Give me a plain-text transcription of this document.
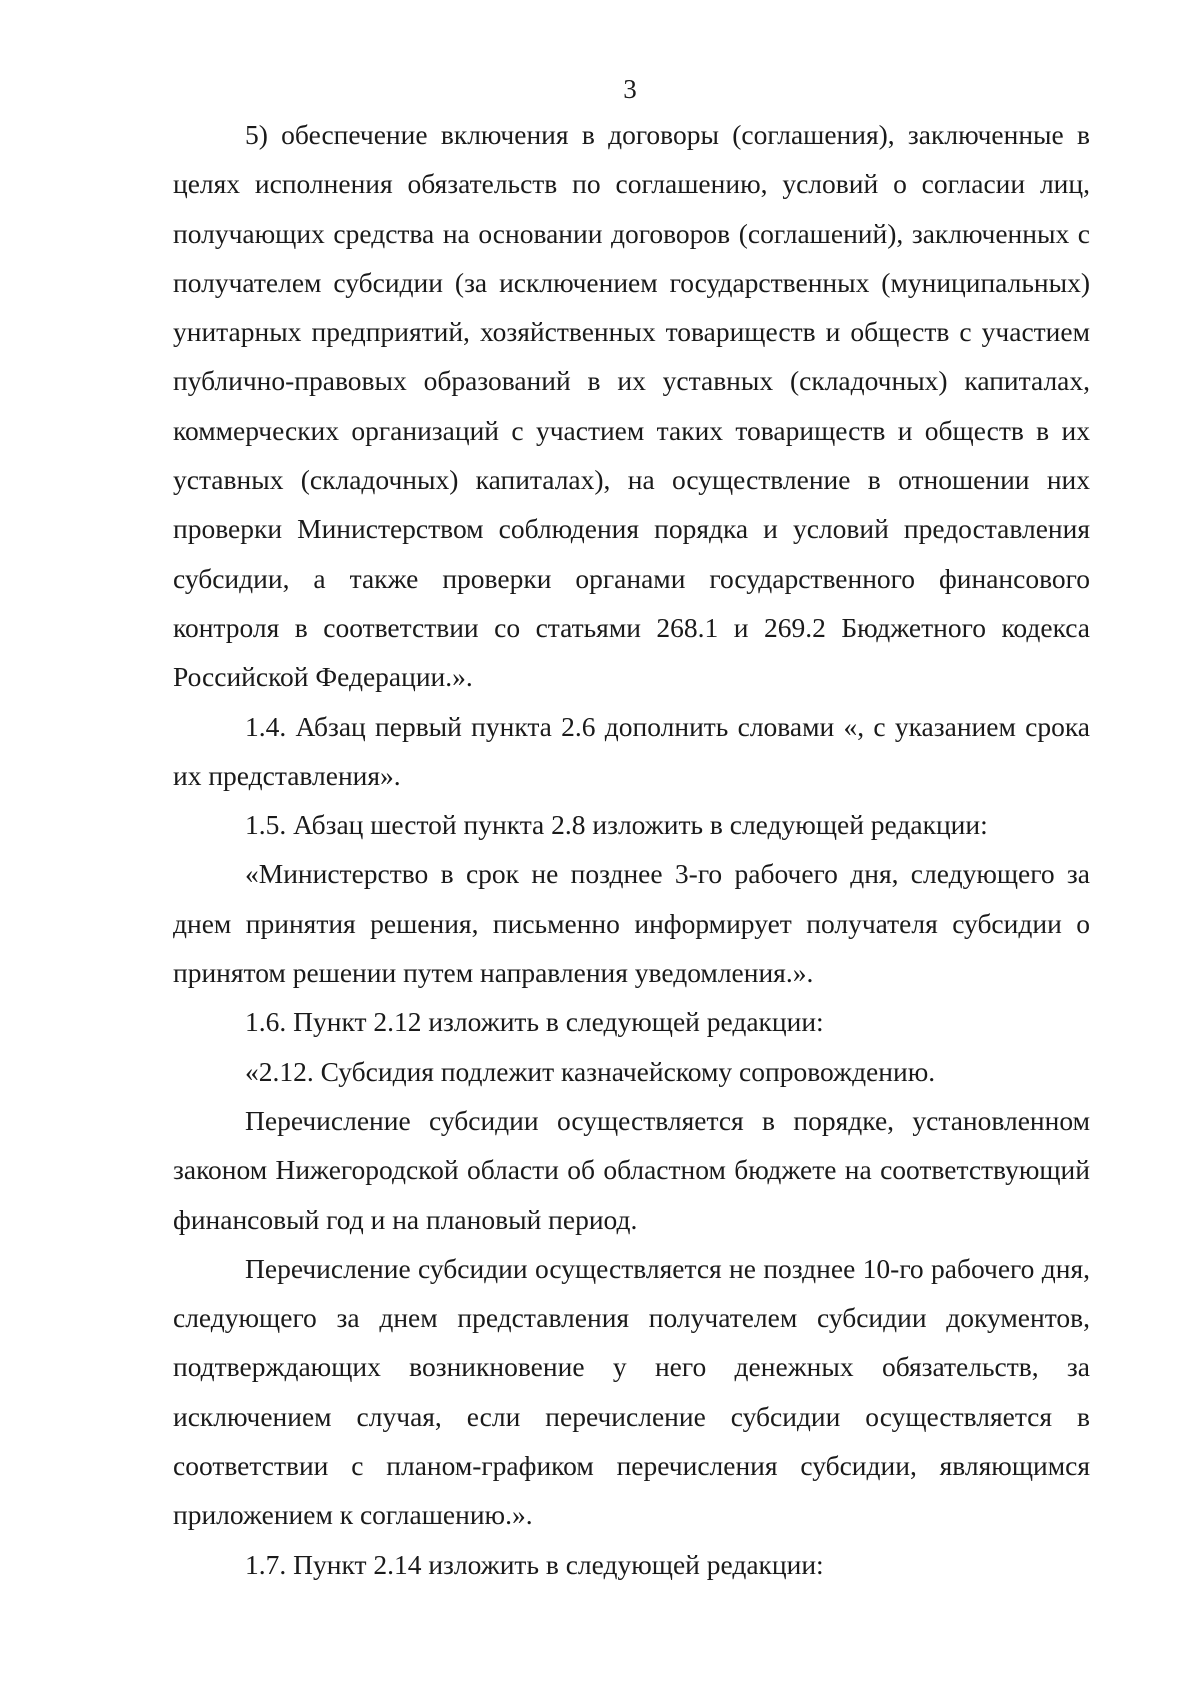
3

5) обеспечение включения в договоры (соглашения), заключенные в целях исполнения обязательств по соглашению, условий о согласии лиц, получающих средства на основании договоров (соглашений), заключенных с получателем субсидии (за исключением государственных (муниципальных) унитарных предприятий, хозяйственных товариществ и обществ с участием публично-правовых образований в их уставных (складочных) капиталах, коммерческих организаций с участием таких товариществ и обществ в их уставных (складочных) капиталах), на осуществление в отношении них проверки Министерством соблюдения порядка и условий предоставления субсидии, а также проверки органами государственного финансового контроля в соответствии со статьями 268.1 и 269.2 Бюджетного кодекса Российской Федерации.».

1.4. Абзац первый пункта 2.6 дополнить словами «, с указанием срока их представления».

1.5. Абзац шестой пункта 2.8 изложить в следующей редакции:

«Министерство в срок не позднее 3-го рабочего дня, следующего за днем принятия решения, письменно информирует получателя субсидии о принятом решении путем направления уведомления.».

1.6. Пункт 2.12 изложить в следующей редакции:

«2.12. Субсидия подлежит казначейскому сопровождению.

Перечисление субсидии осуществляется в порядке, установленном законом Нижегородской области об областном бюджете на соответствующий финансовый год и на плановый период.

Перечисление субсидии осуществляется не позднее 10-го рабочего дня, следующего за днем представления получателем субсидии документов, подтверждающих возникновение у него денежных обязательств, за исключением случая, если перечисление субсидии осуществляется в соответствии с планом-графиком перечисления субсидии, являющимся приложением к соглашению.».

1.7. Пункт 2.14 изложить в следующей редакции:
